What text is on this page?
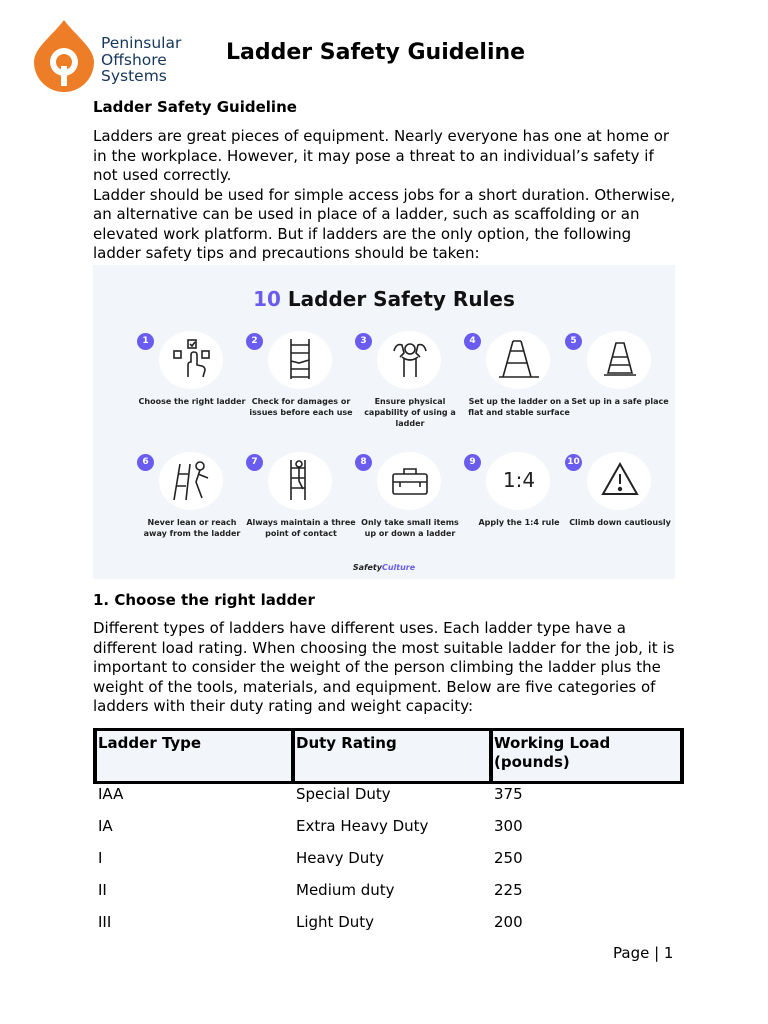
Peninsular
Offshore
Systems
Ladder Safety Guideline

Ladder Safety Guideline

Ladders are great pieces of equipment. Nearly everyone has one at home or in the workplace. However, it may pose a threat to an individual’s safety if not used correctly.

Ladder should be used for simple access jobs for a short duration. Otherwise, an alternative can be used in place of a ladder, such as scaffolding or an elevated work platform. But if ladders are the only option, the following ladder safety tips and precautions should be taken:

10 Ladder Safety Rules
1
Choose the right ladder
2
Check for damages or issues before each use
3
Ensure physical capability of using a ladder
4
Set up the ladder on a flat and stable surface
5
Set up in a safe place
6
Never lean or reach away from the ladder
7
Always maintain a three point of contact
8
Only take small items up or down a ladder
9
1:4
Apply the 1:4 rule
10
Climb down cautiously
SafetyCulture

1. Choose the right ladder

Different types of ladders have different uses. Each ladder type have a different load rating. When choosing the most suitable ladder for the job, it is important to consider the weight of the person climbing the ladder plus the weight of the tools, materials, and equipment. Below are five categories of ladders with their duty rating and weight capacity:

Ladder Type	Duty Rating	Working Load (pounds)
IAA	Special Duty	375
IA	Extra Heavy Duty	300
I	Heavy Duty	250
II	Medium duty	225
III	Light Duty	200
Page | 1
